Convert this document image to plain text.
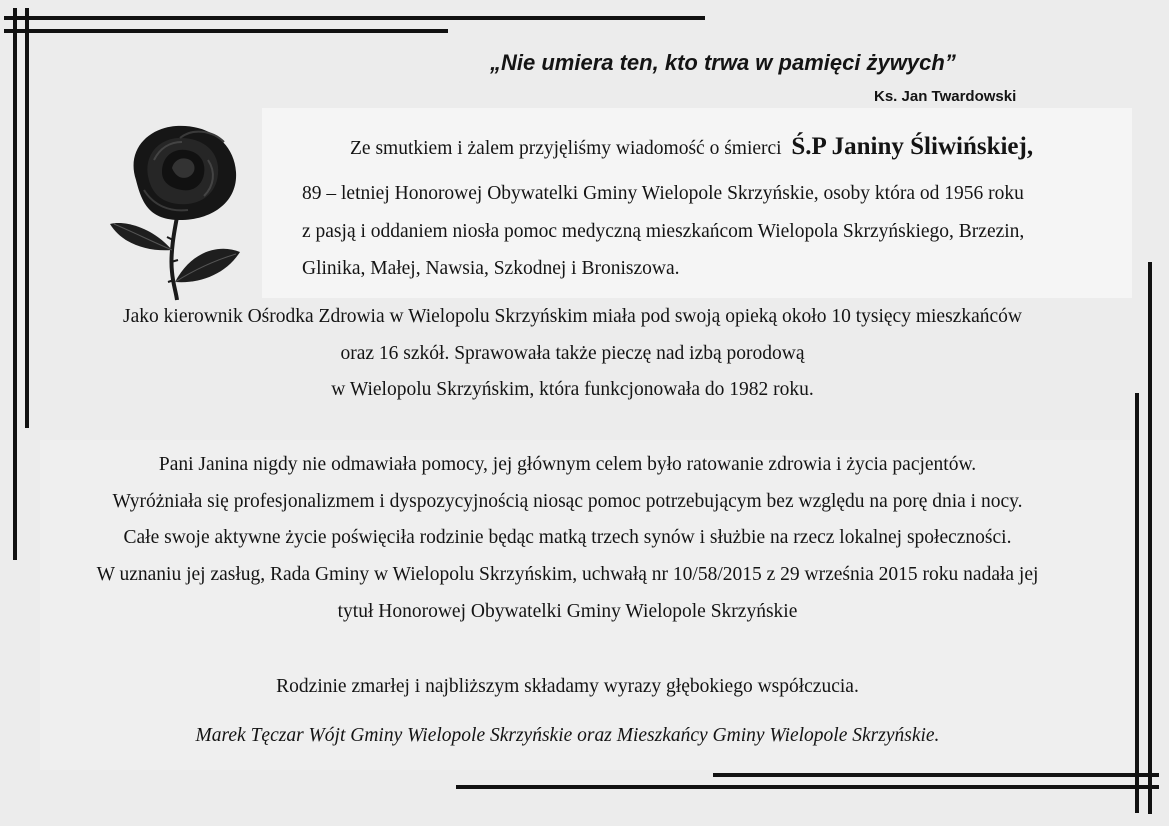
„Nie umiera ten, kto trwa w pamięci żywych”

Ks. Jan Twardowski

Ze smutkiem i żalem przyjęliśmy wiadomość o śmierci Ś.P Janiny Śliwińskiej,

89 – letniej Honorowej Obywatelki Gminy Wielopole Skrzyńskie, osoby która od 1956 roku

z pasją i oddaniem niosła pomoc medyczną mieszkańcom Wielopola Skrzyńskiego, Brzezin,

Glinika, Małej, Nawsia, Szkodnej i Broniszowa.

Jako kierownik Ośrodka Zdrowia w Wielopolu Skrzyńskim miała pod swoją opieką około 10 tysięcy mieszkańców

oraz 16 szkół. Sprawowała także pieczę nad izbą porodową

w Wielopolu Skrzyńskim, która funkcjonowała do 1982 roku.

Pani Janina nigdy nie odmawiała pomocy, jej głównym celem było ratowanie zdrowia i życia pacjentów.

Wyróżniała się profesjonalizmem i dyspozycyjnością niosąc pomoc potrzebującym bez względu na porę dnia i nocy.

Całe swoje aktywne życie poświęciła rodzinie będąc matką trzech synów i służbie na rzecz lokalnej społeczności.

W uznaniu jej zasług, Rada Gminy w Wielopolu Skrzyńskim, uchwałą nr 10/58/2015 z 29 września 2015 roku nadała jej

tytuł Honorowej Obywatelki Gminy Wielopole Skrzyńskie

Rodzinie zmarłej i najbliższym składamy wyrazy głębokiego współczucia.

Marek Tęczar Wójt Gminy Wielopole Skrzyńskie oraz Mieszkańcy Gminy Wielopole Skrzyńskie.
